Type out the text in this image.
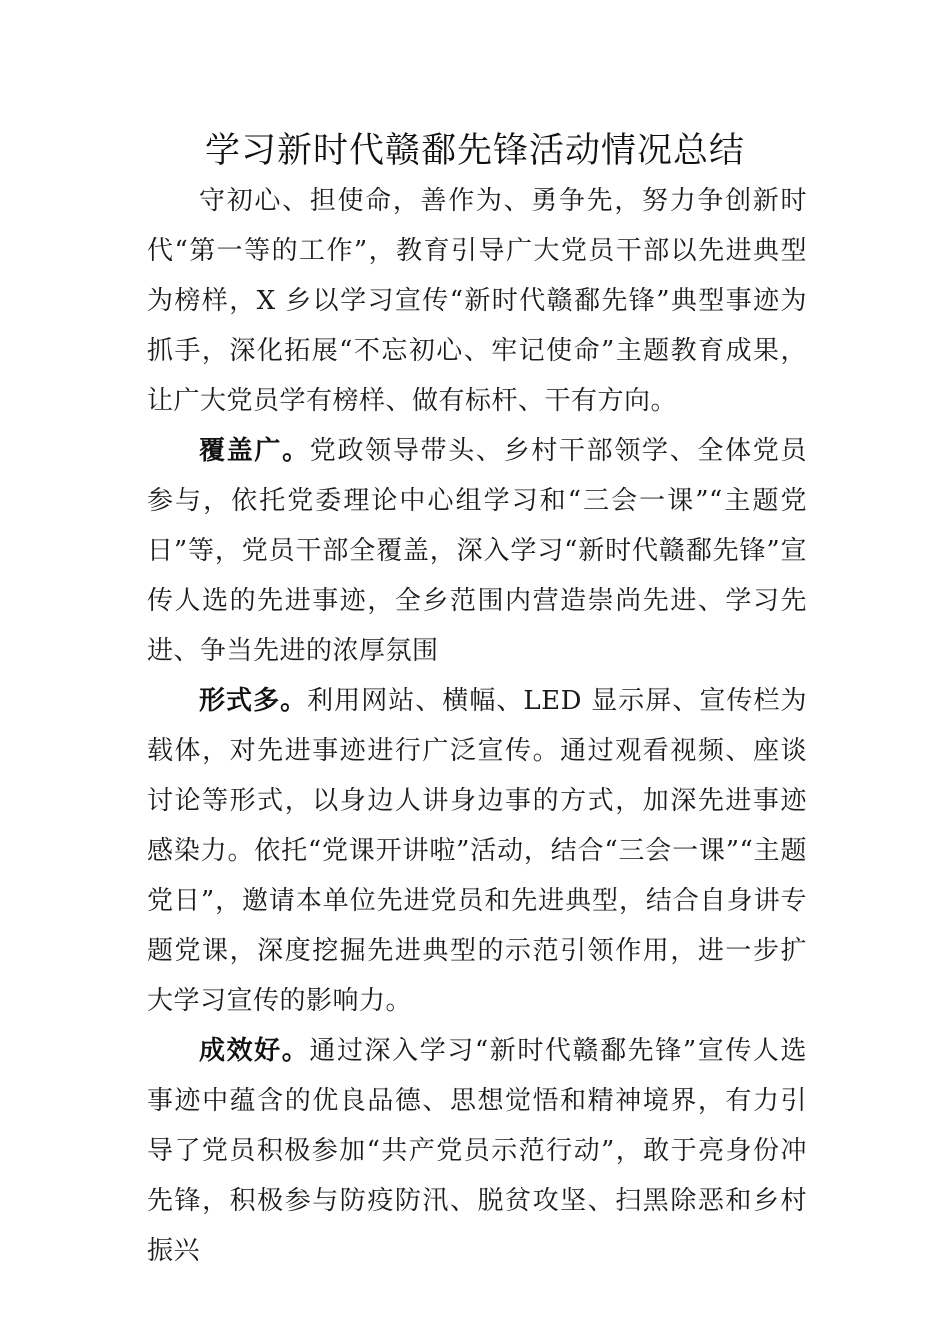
学习新时代赣鄱先锋活动情况总结

守初心、担使命，善作为、勇争先，努力争创新时代“第一等的工作”，教育引导广大党员干部以先进典型为榜样，X 乡以学习宣传“新时代赣鄱先锋”典型事迹为抓手，深化拓展“不忘初心、牢记使命”主题教育成果，让广大党员学有榜样、做有标杆、干有方向。

覆盖广。党政领导带头、乡村干部领学、全体党员参与，依托党委理论中心组学习和“三会一课”“主题党日”等，党员干部全覆盖，深入学习“新时代赣鄱先锋”宣传人选的先进事迹，全乡范围内营造崇尚先进、学习先进、争当先进的浓厚氛围

形式多。利用网站、横幅、LED 显示屏、宣传栏为载体，对先进事迹进行广泛宣传。通过观看视频、座谈讨论等形式，以身边人讲身边事的方式，加深先进事迹感染力。依托“党课开讲啦”活动，结合“三会一课”“主题党日”，邀请本单位先进党员和先进典型，结合自身讲专题党课，深度挖掘先进典型的示范引领作用，进一步扩大学习宣传的影响力。

成效好。通过深入学习“新时代赣鄱先锋”宣传人选事迹中蕴含的优良品德、思想觉悟和精神境界，有力引导了党员积极参加“共产党员示范行动”，敢于亮身份冲先锋，积极参与防疫防汛、脱贫攻坚、扫黑除恶和乡村振兴
